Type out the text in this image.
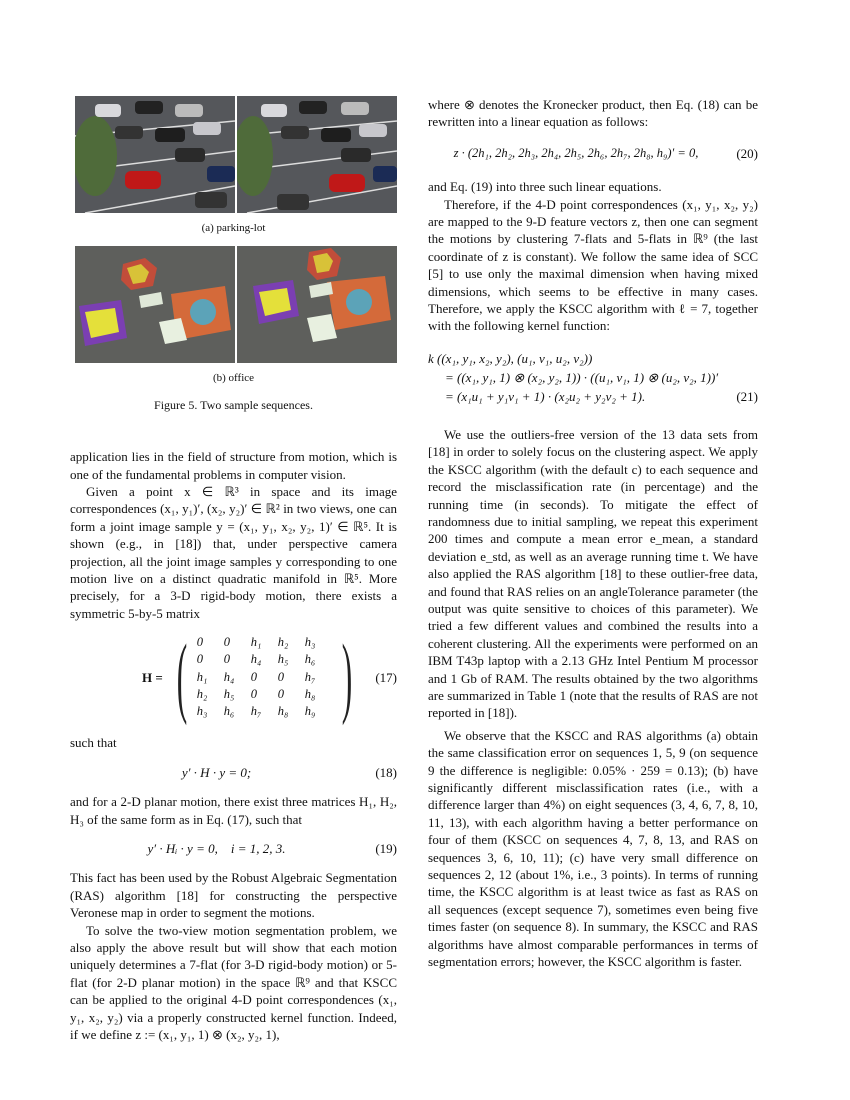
(a) parking-lot
(b) office
Figure 5. Two sample sequences.

application lies in the field of structure from motion, which is one of the fundamental problems in computer vision.

Given a point x ∈ ℝ³ in space and its image correspondences (x₁, y₁)′, (x₂, y₂)′ ∈ ℝ² in two views, one can form a joint image sample y = (x₁, y₁, x₂, y₂, 1)′ ∈ ℝ⁵. It is shown (e.g., in [18]) that, under perspective camera projection, all the joint image samples y corresponding to one motion live on a distinct quadratic manifold in ℝ⁵. More precisely, for a 3-D rigid-body motion, there exists a symmetric 5-by-5 matrix

H = ( 0	0	h₁	h₂	h₃
0	0	h₄	h₅	h₆
h₁	h₄	0	0	h₇
h₂	h₅	0	0	h₈
h₃	h₆	h₇	h₈	h₉ ) (17)

such that

y′ · H · y = 0;	(18)

and for a 2-D planar motion, there exist three matrices H₁, H₂, H₃ of the same form as in Eq. (17), such that

y′ · Hᵢ · y = 0,    i = 1, 2, 3.	(19)

This fact has been used by the Robust Algebraic Segmentation (RAS) algorithm [18] for constructing the perspective Veronese map in order to segment the motions.

To solve the two-view motion segmentation problem, we also apply the above result but will show that each motion uniquely determines a 7-flat (for 3-D rigid-body motion) or 5-flat (for 2-D planar motion) in the space ℝ⁹ and that KSCC can be applied to the original 4-D point correspondences (x₁, y₁, x₂, y₂) via a properly constructed kernel function. Indeed, if we define z := (x₁, y₁, 1) ⊗ (x₂, y₂, 1),

where ⊗ denotes the Kronecker product, then Eq. (18) can be rewritten into a linear equation as follows:

z · (2h₁, 2h₂, 2h₃, 2h₄, 2h₅, 2h₆, 2h₇, 2h₈, h₉)′ = 0,	(20)

and Eq. (19) into three such linear equations.

Therefore, if the 4-D point correspondences (x₁, y₁, x₂, y₂) are mapped to the 9-D feature vectors z, then one can segment the motions by clustering 7-flats and 5-flats in ℝ⁹ (the last coordinate of z is constant). We follow the same idea of SCC [5] to use only the maximal dimension when having mixed dimensions, which seems to be effective in many cases. Therefore, we apply the KSCC algorithm with ℓ = 7, together with the following kernel function:

k ((x₁, y₁, x₂, y₂), (u₁, v₁, u₂, v₂))
= ((x₁, y₁, 1) ⊗ (x₂, y₂, 1)) · ((u₁, v₁, 1) ⊗ (u₂, v₂, 1))′
= (x₁u₁ + y₁v₁ + 1) · (x₂u₂ + y₂v₂ + 1).	(21)

We use the outliers-free version of the 13 data sets from [18] in order to solely focus on the clustering aspect. We apply the KSCC algorithm (with the default c) to each sequence and record the misclassification rate (in percentage) and the running time (in seconds). To mitigate the effect of randomness due to initial sampling, we repeat this experiment 200 times and compute a mean error e_mean, a standard deviation e_std, as well as an average running time t. We have also applied the RAS algorithm [18] to these outlier-free data, and found that RAS relies on an angleTolerance parameter (the output was quite sensitive to choices of this parameter). We tried a few different values and combined the results into a coherent clustering. All the experiments were performed on an IBM T43p laptop with a 2.13 GHz Intel Pentium M processor and 1 Gb of RAM. The results obtained by the two algorithms are summarized in Table 1 (note that the results of RAS are not reported in [18]).

We observe that the KSCC and RAS algorithms (a) obtain the same classification error on sequences 1, 5, 9 (on sequence 9 the difference is negligible: 0.05% · 259 = 0.13); (b) have significantly different misclassification rates (i.e., with a difference larger than 4%) on eight sequences (3, 4, 6, 7, 8, 10, 11, 13), with each algorithm having a better performance on four of them (KSCC on sequences 4, 7, 8, 13, and RAS on sequences 3, 6, 10, 11); (c) have very small difference on sequences 2, 12 (about 1%, i.e., 3 points). In terms of running time, the KSCC algorithm is at least twice as fast as RAS on all sequences (except sequence 7), sometimes even being five times faster (on sequence 8). In summary, the KSCC and RAS algorithms have almost comparable performances in terms of segmentation errors; however, the KSCC algorithm is faster.
